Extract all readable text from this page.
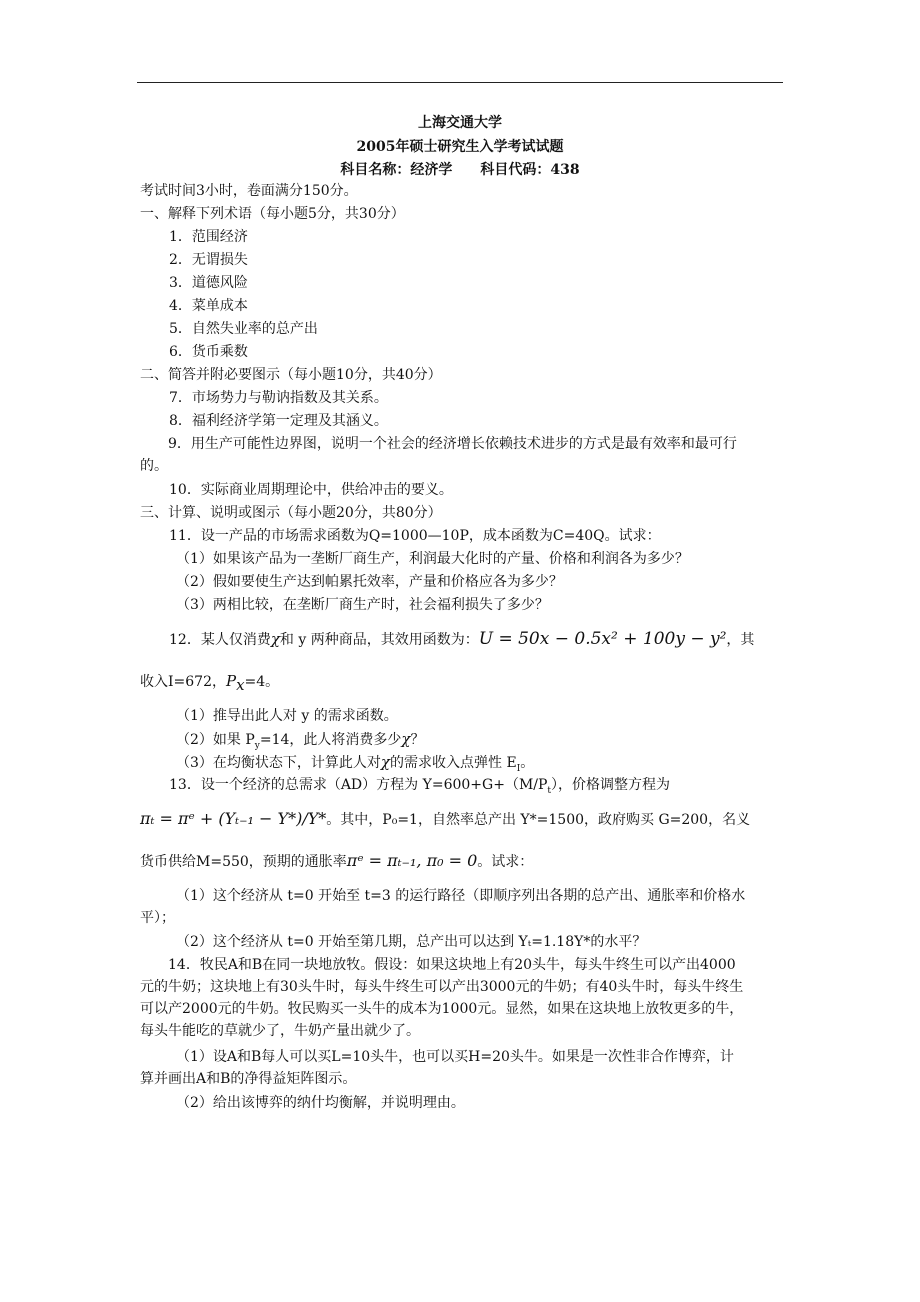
上海交通大学
2005年硕士研究生入学考试试题
科目名称：经济学　　科目代码：438
考试时间3小时，卷面满分150分。
一、解释下列术语（每小题5分，共30分）
1．范围经济
2．无谓损失
3．道德风险
4．菜单成本
5．自然失业率的总产出
6．货币乘数
二、简答并附必要图示（每小题10分，共40分）
7．市场势力与勒讷指数及其关系。
8．福利经济学第一定理及其涵义。
9．用生产可能性边界图，说明一个社会的经济增长依赖技术进步的方式是最有效率和最可行的。
10．实际商业周期理论中，供给冲击的要义。
三、计算、说明或图示（每小题20分，共80分）
11．设一产品的市场需求函数为Q=1000—10P，成本函数为C=40Q。试求：
（1）如果该产品为一垄断厂商生产，利润最大化时的产量、价格和利润各为多少？
（2）假如要使生产达到帕累托效率，产量和价格应各为多少？
（3）两相比较，在垄断厂商生产时，社会福利损失了多少？
12．某人仅消费χ和 y 两种商品，其效用函数为：U = 50x − 0.5x² + 100y − y²，其
收入I=672，$P_x=4$。
（1）推导出此人对 y 的需求函数。
（2）如果 $P_y=14$，此人将消费多少χ？
（3）在均衡状态下，计算此人对χ的需求收入点弹性 $E_I$。
13．设一个经济的总需求（AD）方程为 $Y=600+G+(M/P_t)$，价格调整方程为
πₜ = πᵉ + (Yₜ₋₁ − Y*)/Y*。其中，P₀=1，自然率总产出 Y*=1500，政府购买 G=200，名义
货币供给M=550，预期的通胀率πᵉ = πₜ₋₁, π₀ = 0。试求：
（1）这个经济从 t=0 开始至 t=3 的运行路径（即顺序列出各期的总产出、通胀率和价格水平）；
（2）这个经济从 t=0 开始至第几期，总产出可以达到 Yₜ=1.18Y*的水平？
14．牧民A和B在同一块地放牧。假设：如果这块地上有20头牛，每头牛终生可以产出4000元的牛奶；这块地上有30头牛时，每头牛终生可以产出3000元的牛奶；有40头牛时，每头牛终生可以产2000元的牛奶。牧民购买一头牛的成本为1000元。显然，如果在这块地上放牧更多的牛，每头牛能吃的草就少了，牛奶产量出就少了。
（1）设A和B每人可以买L=10头牛，也可以买H=20头牛。如果是一次性非合作博弈，计算并画出A和B的净得益矩阵图示。
（2）给出该博弈的纳什均衡解，并说明理由。
